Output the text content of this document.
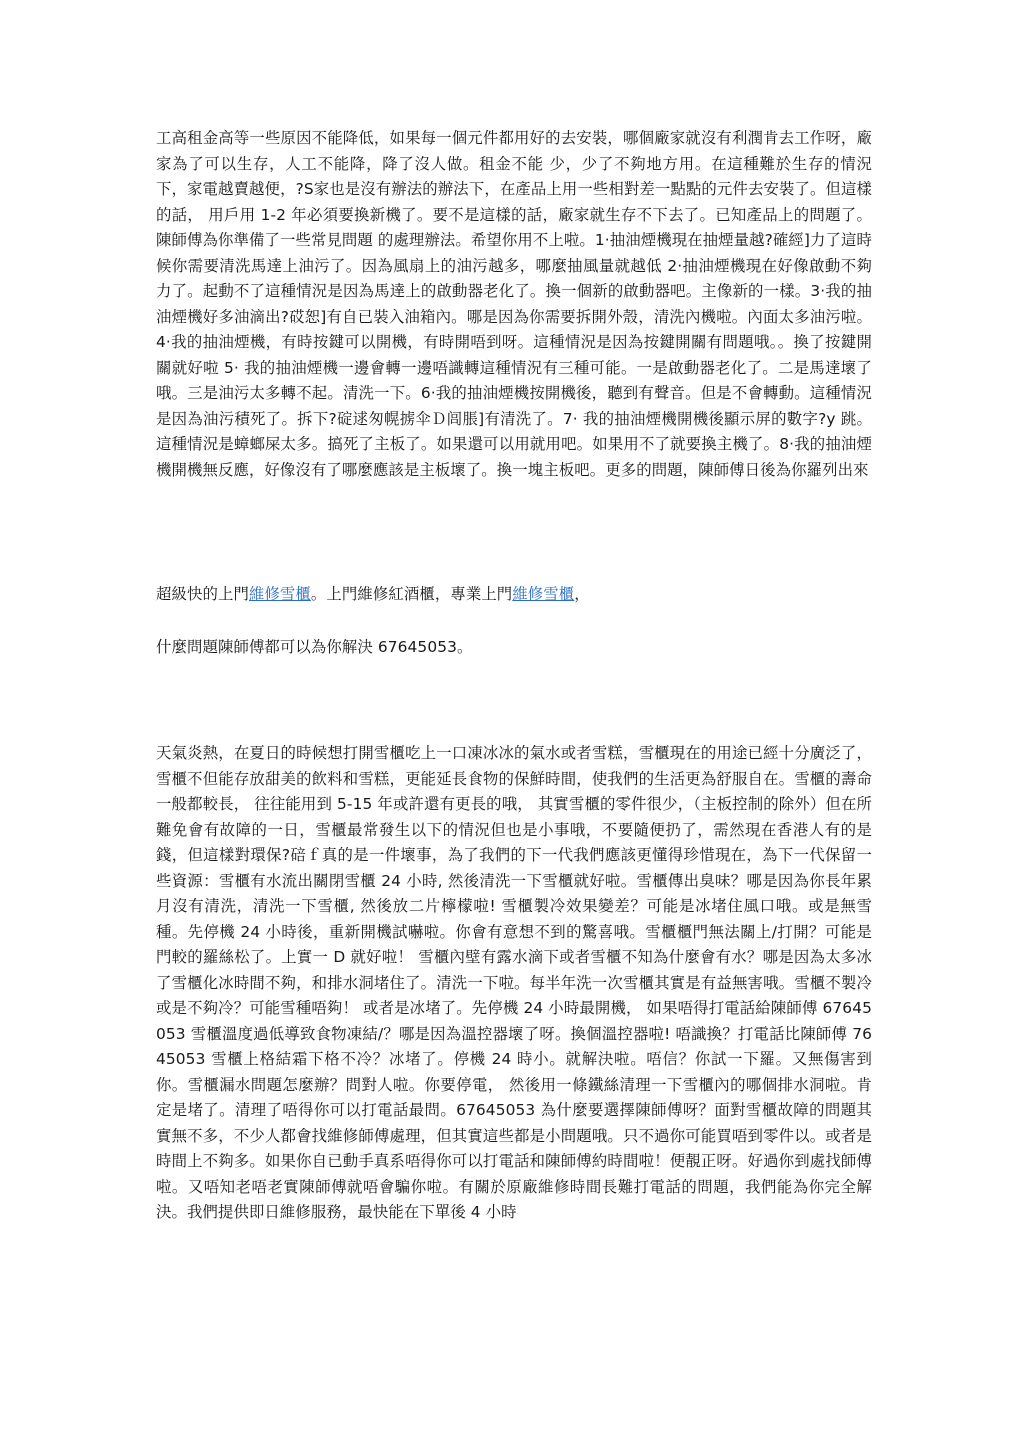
工高租金高等一些原因不能降低，如果每一個元件都用好的去安裝，哪個廠家就沒有利潤肯去工作呀，廠家為了可以生存，人工不能降，降了沒人做。租金不能 少，少了不夠地方用。在這種難於生存的情況下，家電越賣越便，?S家也是沒有辦法的辦法下，在產品上用一些相對差一點點的元件去安裝了。但這樣的話， 用戶用 1-2 年必須要換新機了。要不是這樣的話，廠家就生存不下去了。已知產品上的問題了。陳師傅為你準備了一些常見問題 的處理辦法。希望你用不上啦。1·抽油煙機現在抽煙量越?確經]力了這時候你需要清洗馬達上油污了。因為風扇上的油污越多，哪麼抽風量就越低 2·抽油煙機現在好像啟動不夠力了。起動不了這種情況是因為馬達上的啟動器老化了。換一個新的啟動器吧。主像新的一樣。3·我的抽油煙機好多油滴出?砹恕]有自已裝入油箱內。哪是因為你需要拆開外殼，清洗內機啦。內面太多油污啦。4·我的抽油煙機，有時按鍵可以開機，有時開唔到呀。這種情況是因為按鍵開關有問題哦。。換了按鍵開關就好啦 5· 我的抽油煙機一邊會轉一邊唔識轉這種情況有三種可能。一是啟動器老化了。二是馬達壞了哦。三是油污太多轉不起。清洗一下。6·我的抽油煙機按開機後，聽到有聲音。但是不會轉動。這種情況是因為油污積死了。拆下?碇逑匆幌掳伞Ｄ闾脹]有清洗了。7· 我的抽油煙機開機後顯示屏的數字?y 跳。這種情況是蟑螂屎太多。搞死了主板了。如果還可以用就用吧。如果用不了就要換主機了。8·我的抽油煙機開機無反應，好像沒有了哪麼應該是主板壞了。換一塊主板吧。更多的問題，陳師傅日後為你羅列出來

超級快的上門維修雪櫃。上門維修紅酒櫃，專業上門維修雪櫃，

什麼問題陳師傅都可以為你解決 67645053。

天氣炎熱，在夏日的時候想打開雪櫃吃上一口凍冰冰的氣水或者雪糕，雪櫃現在的用途已經十分廣泛了，雪櫃不但能存放甜美的飲料和雪糕，更能延長食物的保鮮時間，使我們的生活更為舒服自在。雪櫃的壽命一般都較長， 往往能用到 5-15 年或許還有更長的哦， 其實雪櫃的零件很少，（主板控制的除外）但在所難免會有故障的一日，雪櫃最常發生以下的情況但也是小事哦，不要隨便扔了，需然現在香港人有的是錢，但這樣對環保?碚ｆ真的是一件壞事，為了我們的下一代我們應該更懂得珍惜現在，為下一代保留一些資源：雪櫃有水流出關閉雪櫃 24 小時, 然後清洗一下雪櫃就好啦。雪櫃傳出臭味？哪是因為你長年累月沒有清洗，清洗一下雪櫃, 然後放二片檸檬啦! 雪櫃製冷效果變差？可能是冰堵住風口哦。或是無雪種。先停機 24 小時後，重新開機試嚇啦。你會有意想不到的驚喜哦。雪櫃櫃門無法關上/打開？可能是門較的羅絲松了。上實一 D 就好啦！ 雪櫃內壁有露水滴下或者雪櫃不知為什麼會有水？哪是因為太多冰了雪櫃化冰時間不夠，和排水洞堵住了。清洗一下啦。每半年洗一次雪櫃其實是有益無害哦。雪櫃不製冷或是不夠冷？可能雪種唔夠！ 或者是冰堵了。先停機 24 小時最開機， 如果唔得打電話給陳師傅 67645053 雪櫃溫度過低導致食物凍結/？哪是因為溫控器壞了呀。換個溫控器啦! 唔識換？打電話比陳師傅 7645053 雪櫃上格結霜下格不冷？冰堵了。停機 24 時小。就解決啦。唔信？你試一下羅。又無傷害到你。雪櫃漏水問題怎麼辦？問對人啦。你要停電， 然後用一條鐵絲清理一下雪櫃內的哪個排水洞啦。肯定是堵了。清理了唔得你可以打電話最問。67645053 為什麼要選擇陳師傅呀？面對雪櫃故障的問題其實無不多，不少人都會找維修師傅處理，但其實這些都是小問題哦。只不過你可能買唔到零件以。或者是時間上不夠多。如果你自已動手真系唔得你可以打電話和陳師傅約時間啦！便靚正呀。好過你到處找師傅啦。又唔知老唔老實陳師傅就唔會騙你啦。有關於原廠維修時間長難打電話的問題，我們能為你完全解決。我們提供即日維修服務，最快能在下單後 4 小時
